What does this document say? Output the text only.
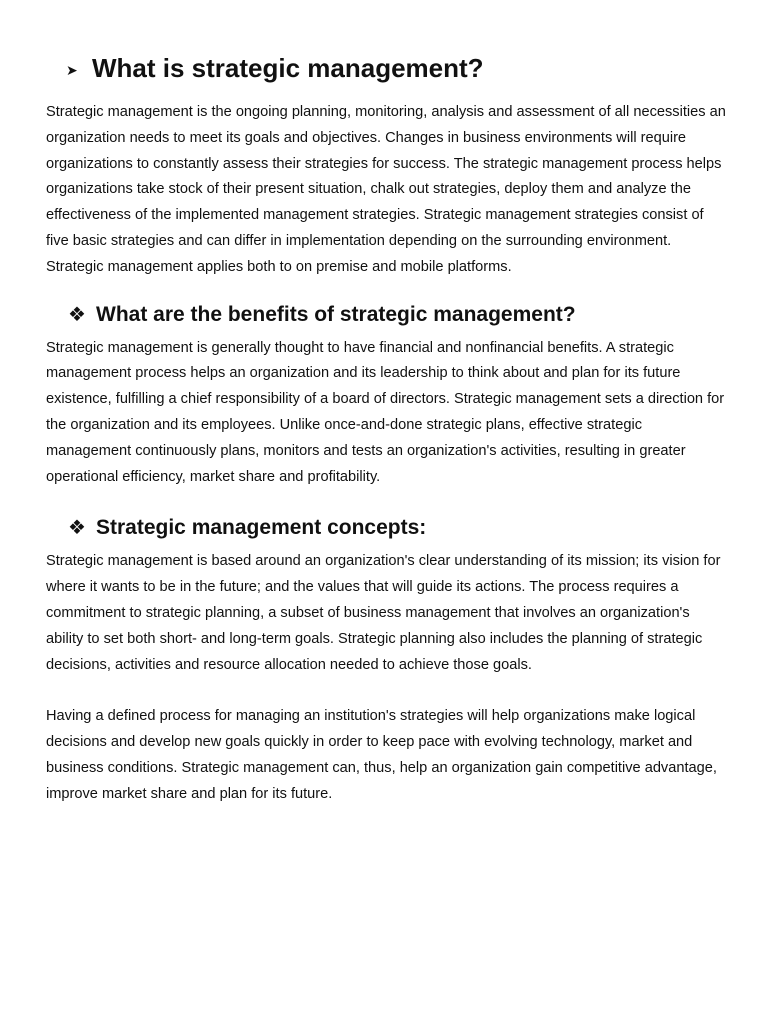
➤ What is strategic management?

Strategic management is the ongoing planning, monitoring, analysis and assessment of all necessities an organization needs to meet its goals and objectives. Changes in business environments will require organizations to constantly assess their strategies for success. The strategic management process helps organizations take stock of their present situation, chalk out strategies, deploy them and analyze the effectiveness of the implemented management strategies. Strategic management strategies consist of five basic strategies and can differ in implementation depending on the surrounding environment. Strategic management applies both to on premise and mobile platforms.

❖ What are the benefits of strategic management?

Strategic management is generally thought to have financial and nonfinancial benefits. A strategic management process helps an organization and its leadership to think about and plan for its future existence, fulfilling a chief responsibility of a board of directors. Strategic management sets a direction for the organization and its employees. Unlike once-and-done strategic plans, effective strategic management continuously plans, monitors and tests an organization's activities, resulting in greater operational efficiency, market share and profitability.

❖ Strategic management concepts:

Strategic management is based around an organization's clear understanding of its mission; its vision for where it wants to be in the future; and the values that will guide its actions. The process requires a commitment to strategic planning, a subset of business management that involves an organization's ability to set both short- and long-term goals. Strategic planning also includes the planning of strategic decisions, activities and resource allocation needed to achieve those goals.

Having a defined process for managing an institution's strategies will help organizations make logical decisions and develop new goals quickly in order to keep pace with evolving technology, market and business conditions. Strategic management can, thus, help an organization gain competitive advantage, improve market share and plan for its future.
